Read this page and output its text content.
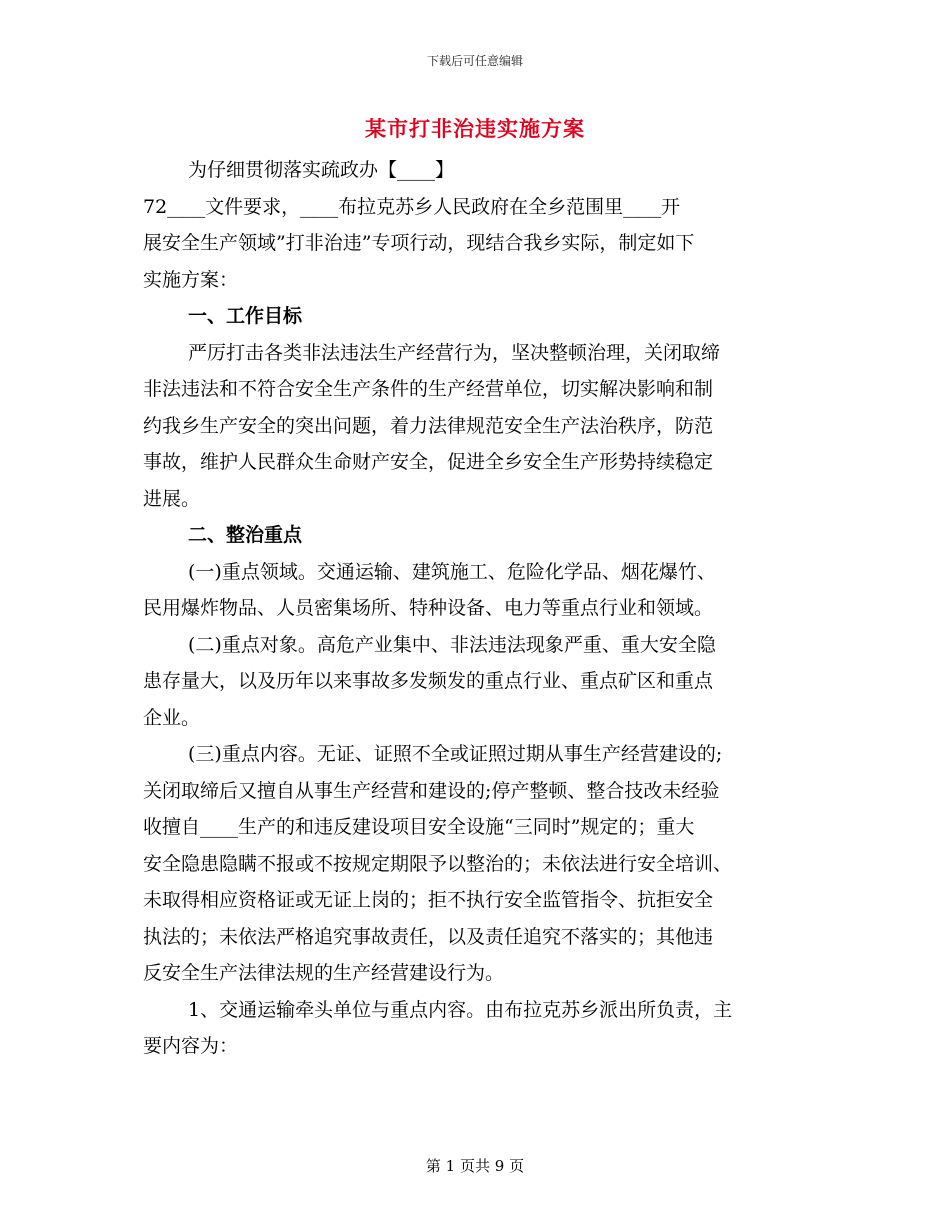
下载后可任意编辑
某市打非治违实施方案

为仔细贯彻落实疏政办【____】
72____文件要求，____布拉克苏乡人民政府在全乡范围里____开
展安全生产领域”打非治违”专项行动，现结合我乡实际，制定如下
实施方案：

一、工作目标

严厉打击各类非法违法生产经营行为，坚决整顿治理，关闭取缔
非法违法和不符合安全生产条件的生产经营单位，切实解决影响和制
约我乡生产安全的突出问题，着力法律规范安全生产法治秩序，防范
事故，维护人民群众生命财产安全，促进全乡安全生产形势持续稳定
进展。

二、整治重点

(一)重点领域。交通运输、建筑施工、危险化学品、烟花爆竹、
民用爆炸物品、人员密集场所、特种设备、电力等重点行业和领域。

(二)重点对象。高危产业集中、非法违法现象严重、重大安全隐
患存量大，以及历年以来事故多发频发的重点行业、重点矿区和重点
企业。

(三)重点内容。无证、证照不全或证照过期从事生产经营建设的;
关闭取缔后又擅自从事生产经营和建设的;停产整顿、整合技改未经验
收擅自____生产的和违反建设项目安全设施“三同时”规定的；重大
安全隐患隐瞒不报或不按规定期限予以整治的；未依法进行安全培训、
未取得相应资格证或无证上岗的；拒不执行安全监管指令、抗拒安全
执法的；未依法严格追究事故责任，以及责任追究不落实的；其他违
反安全生产法律法规的生产经营建设行为。

1、交通运输牵头单位与重点内容。由布拉克苏乡派出所负责，主
要内容为：

第 1 页共 9 页
